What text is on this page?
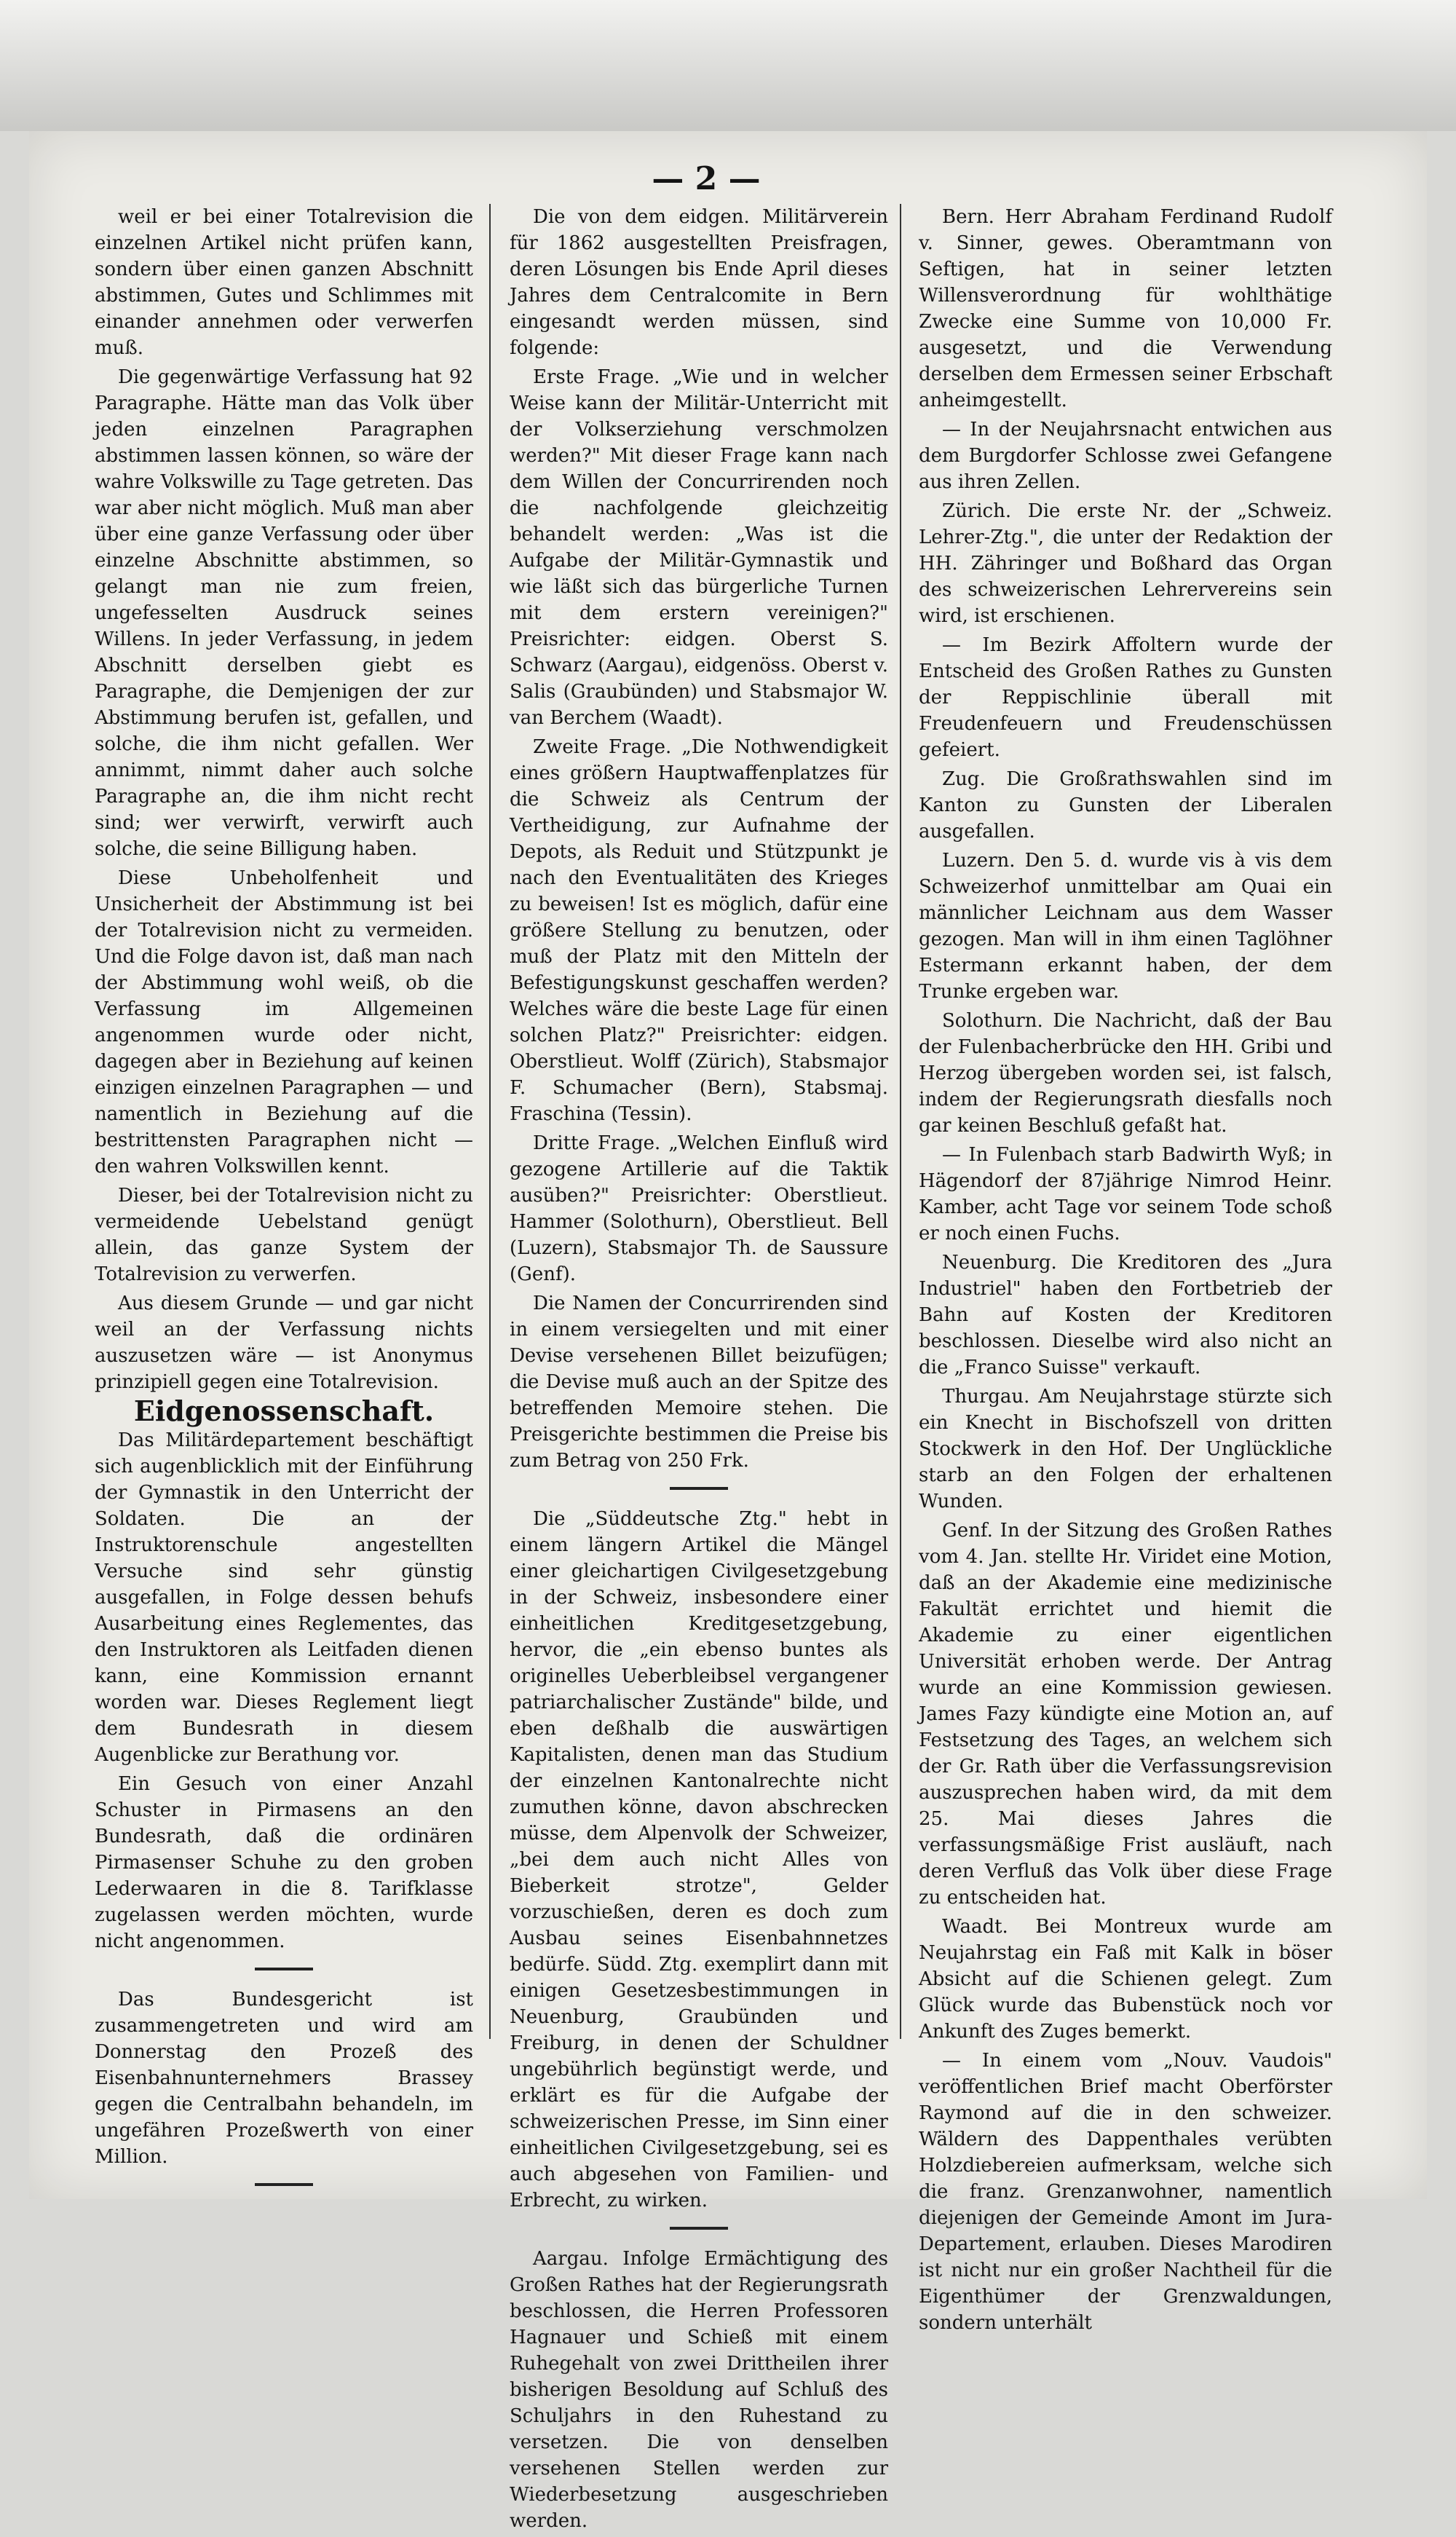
— 2 —

weil er bei einer Totalrevision die einzelnen Artikel nicht prüfen kann, sondern über einen ganzen Abschnitt abstimmen, Gutes und Schlimmes mit einander annehmen oder verwerfen muß.

Die gegenwärtige Verfassung hat 92 Paragraphe. Hätte man das Volk über jeden einzelnen Paragraphen abstimmen lassen können, so wäre der wahre Volkswille zu Tage getreten. Das war aber nicht möglich. Muß man aber über eine ganze Verfassung oder über einzelne Abschnitte abstimmen, so gelangt man nie zum freien, ungefesselten Ausdruck seines Willens. In jeder Verfassung, in jedem Abschnitt derselben giebt es Paragraphe, die Demjenigen der zur Abstimmung berufen ist, gefallen, und solche, die ihm nicht gefallen. Wer annimmt, nimmt daher auch solche Paragraphe an, die ihm nicht recht sind; wer verwirft, verwirft auch solche, die seine Billigung haben.

Diese Unbeholfenheit und Unsicherheit der Abstimmung ist bei der Totalrevision nicht zu vermeiden. Und die Folge davon ist, daß man nach der Abstimmung wohl weiß, ob die Verfassung im Allgemeinen angenommen wurde oder nicht, dagegen aber in Beziehung auf keinen einzigen einzelnen Paragraphen — und namentlich in Beziehung auf die bestrittensten Paragraphen nicht — den wahren Volkswillen kennt.

Dieser, bei der Totalrevision nicht zu vermeidende Uebelstand genügt allein, das ganze System der Totalrevision zu verwerfen.

Aus diesem Grunde — und gar nicht weil an der Verfassung nichts auszusetzen wäre — ist Anonymus prinzipiell gegen eine Totalrevision.

Eidgenossenschaft.

Das Militärdepartement beschäftigt sich augenblicklich mit der Einführung der Gymnastik in den Unterricht der Soldaten. Die an der Instruktorenschule angestellten Versuche sind sehr günstig ausgefallen, in Folge dessen behufs Ausarbeitung eines Reglementes, das den Instruktoren als Leitfaden dienen kann, eine Kommission ernannt worden war. Dieses Reglement liegt dem Bundesrath in diesem Augenblicke zur Berathung vor.

Ein Gesuch von einer Anzahl Schuster in Pirmasens an den Bundesrath, daß die ordinären Pirmasenser Schuhe zu den groben Lederwaaren in die 8. Tarifklasse zugelassen werden möchten, wurde nicht angenommen.

Das Bundesgericht ist zusammengetreten und wird am Donnerstag den Prozeß des Eisenbahnunternehmers Brassey gegen die Centralbahn behandeln, im ungefähren Prozeßwerth von einer Million.

Die von dem eidgen. Militärverein für 1862 ausgestellten Preisfragen, deren Lösungen bis Ende April dieses Jahres dem Centralcomite in Bern eingesandt werden müssen, sind folgende:

Erste Frage. „Wie und in welcher Weise kann der Militär-Unterricht mit der Volkserziehung verschmolzen werden?" Mit dieser Frage kann nach dem Willen der Concurrirenden noch die nachfolgende gleichzeitig behandelt werden: „Was ist die Aufgabe der Militär-Gymnastik und wie läßt sich das bürgerliche Turnen mit dem erstern vereinigen?" Preisrichter: eidgen. Oberst S. Schwarz (Aargau), eidgenöss. Oberst v. Salis (Graubünden) und Stabsmajor W. van Berchem (Waadt).

Zweite Frage. „Die Nothwendigkeit eines größern Hauptwaffenplatzes für die Schweiz als Centrum der Vertheidigung, zur Aufnahme der Depots, als Reduit und Stützpunkt je nach den Eventualitäten des Krieges zu beweisen! Ist es möglich, dafür eine größere Stellung zu benutzen, oder muß der Platz mit den Mitteln der Befestigungskunst geschaffen werden? Welches wäre die beste Lage für einen solchen Platz?" Preisrichter: eidgen. Oberstlieut. Wolff (Zürich), Stabsmajor F. Schumacher (Bern), Stabsmaj. Fraschina (Tessin).

Dritte Frage. „Welchen Einfluß wird gezogene Artillerie auf die Taktik ausüben?" Preisrichter: Oberstlieut. Hammer (Solothurn), Oberstlieut. Bell (Luzern), Stabsmajor Th. de Saussure (Genf).

Die Namen der Concurrirenden sind in einem versiegelten und mit einer Devise versehenen Billet beizufügen; die Devise muß auch an der Spitze des betreffenden Memoire stehen. Die Preisgerichte bestimmen die Preise bis zum Betrag von 250 Frk.

Die „Süddeutsche Ztg." hebt in einem längern Artikel die Mängel einer gleichartigen Civilgesetzgebung in der Schweiz, insbesondere einer einheitlichen Kreditgesetzgebung, hervor, die „ein ebenso buntes als originelles Ueberbleibsel vergangener patriarchalischer Zustände" bilde, und eben deßhalb die auswärtigen Kapitalisten, denen man das Studium der einzelnen Kantonalrechte nicht zumuthen könne, davon abschrecken müsse, dem Alpenvolk der Schweizer, „bei dem auch nicht Alles von Bieberkeit strotze", Gelder vorzuschießen, deren es doch zum Ausbau seines Eisenbahnnetzes bedürfe. Südd. Ztg. exemplirt dann mit einigen Gesetzesbestimmungen in Neuenburg, Graubünden und Freiburg, in denen der Schuldner ungebührlich begünstigt werde, und erklärt es für die Aufgabe der schweizerischen Presse, im Sinn einer einheitlichen Civilgesetzgebung, sei es auch abgesehen von Familien- und Erbrecht, zu wirken.

Aargau. Infolge Ermächtigung des Großen Rathes hat der Regierungsrath beschlossen, die Herren Professoren Hagnauer und Schieß mit einem Ruhegehalt von zwei Drittheilen ihrer bisherigen Besoldung auf Schluß des Schuljahrs in den Ruhestand zu versetzen. Die von denselben versehenen Stellen werden zur Wiederbesetzung ausgeschrieben werden.

Bern. Herr Abraham Ferdinand Rudolf v. Sinner, gewes. Oberamtmann von Seftigen, hat in seiner letzten Willensverordnung für wohlthätige Zwecke eine Summe von 10,000 Fr. ausgesetzt, und die Verwendung derselben dem Ermessen seiner Erbschaft anheimgestellt.

— In der Neujahrsnacht entwichen aus dem Burgdorfer Schlosse zwei Gefangene aus ihren Zellen.

Zürich. Die erste Nr. der „Schweiz. Lehrer-Ztg.", die unter der Redaktion der HH. Zähringer und Boßhard das Organ des schweizerischen Lehrervereins sein wird, ist erschienen.

— Im Bezirk Affoltern wurde der Entscheid des Großen Rathes zu Gunsten der Reppischlinie überall mit Freudenfeuern und Freudenschüssen gefeiert.

Zug. Die Großrathswahlen sind im Kanton zu Gunsten der Liberalen ausgefallen.

Luzern. Den 5. d. wurde vis à vis dem Schweizerhof unmittelbar am Quai ein männlicher Leichnam aus dem Wasser gezogen. Man will in ihm einen Taglöhner Estermann erkannt haben, der dem Trunke ergeben war.

Solothurn. Die Nachricht, daß der Bau der Fulenbacherbrücke den HH. Gribi und Herzog übergeben worden sei, ist falsch, indem der Regierungsrath diesfalls noch gar keinen Beschluß gefaßt hat.

— In Fulenbach starb Badwirth Wyß; in Hägendorf der 87jährige Nimrod Heinr. Kamber, acht Tage vor seinem Tode schoß er noch einen Fuchs.

Neuenburg. Die Kreditoren des „Jura Industriel" haben den Fortbetrieb der Bahn auf Kosten der Kreditoren beschlossen. Dieselbe wird also nicht an die „Franco Suisse" verkauft.

Thurgau. Am Neujahrstage stürzte sich ein Knecht in Bischofszell von dritten Stockwerk in den Hof. Der Unglückliche starb an den Folgen der erhaltenen Wunden.

Genf. In der Sitzung des Großen Rathes vom 4. Jan. stellte Hr. Viridet eine Motion, daß an der Akademie eine medizinische Fakultät errichtet und hiemit die Akademie zu einer eigentlichen Universität erhoben werde. Der Antrag wurde an eine Kommission gewiesen. James Fazy kündigte eine Motion an, auf Festsetzung des Tages, an welchem sich der Gr. Rath über die Verfassungsrevision auszusprechen haben wird, da mit dem 25. Mai dieses Jahres die verfassungsmäßige Frist ausläuft, nach deren Verfluß das Volk über diese Frage zu entscheiden hat.

Waadt. Bei Montreux wurde am Neujahrstag ein Faß mit Kalk in böser Absicht auf die Schienen gelegt. Zum Glück wurde das Bubenstück noch vor Ankunft des Zuges bemerkt.

— In einem vom „Nouv. Vaudois" veröffentlichen Brief macht Oberförster Raymond auf die in den schweizer. Wäldern des Dappenthales verübten Holzdiebereien aufmerksam, welche sich die franz. Grenzanwohner, namentlich diejenigen der Gemeinde Amont im Jura-Departement, erlauben. Dieses Marodiren ist nicht nur ein großer Nachtheil für die Eigenthümer der Grenzwaldungen, sondern unterhält
